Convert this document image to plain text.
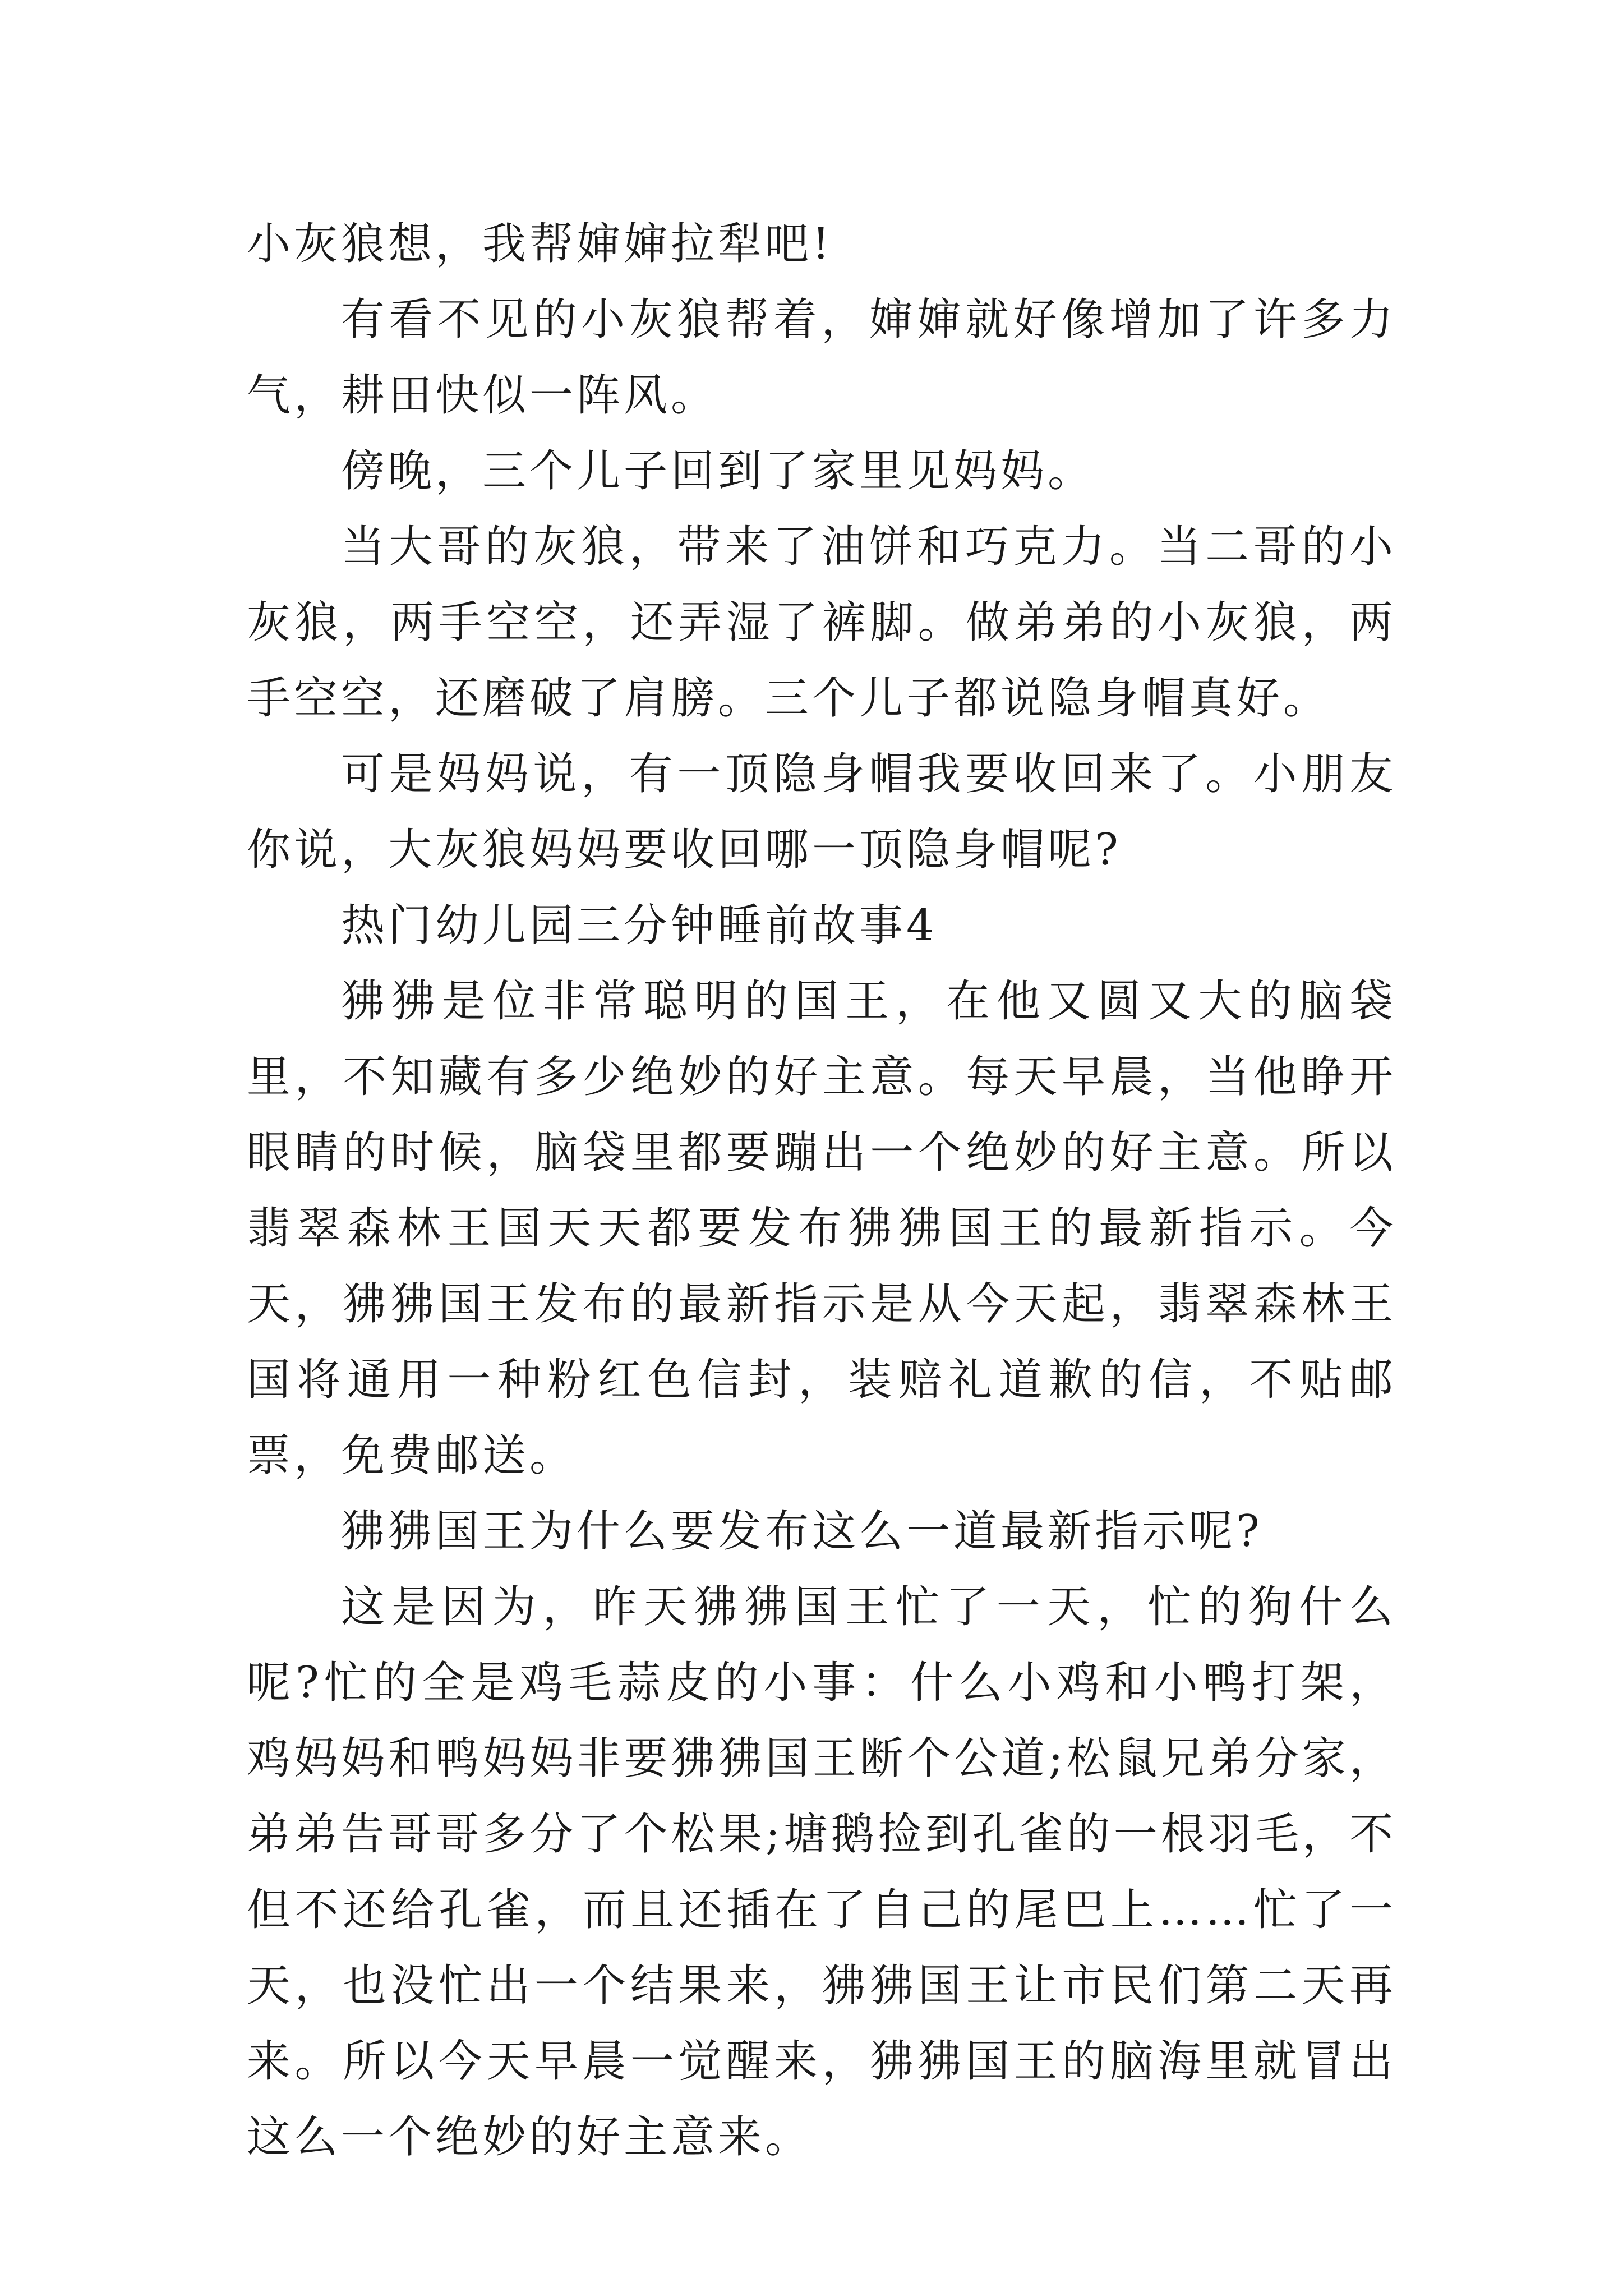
小灰狼想，我帮婶婶拉犁吧!

有看不见的小灰狼帮着，婶婶就好像增加了许多力气，耕田快似一阵风。

傍晚，三个儿子回到了家里见妈妈。

当大哥的灰狼，带来了油饼和巧克力。当二哥的小灰狼，两手空空，还弄湿了裤脚。做弟弟的小灰狼，两手空空，还磨破了肩膀。三个儿子都说隐身帽真好。

可是妈妈说，有一顶隐身帽我要收回来了。小朋友你说，大灰狼妈妈要收回哪一顶隐身帽呢?

热门幼儿园三分钟睡前故事4

狒狒是位非常聪明的国王，在他又圆又大的脑袋里，不知藏有多少绝妙的好主意。每天早晨，当他睁开眼睛的时候，脑袋里都要蹦出一个绝妙的好主意。所以翡翠森林王国天天都要发布狒狒国王的最新指示。今天，狒狒国王发布的最新指示是从今天起，翡翠森林王国将通用一种粉红色信封，装赔礼道歉的信，不贴邮票，免费邮送。

狒狒国王为什么要发布这么一道最新指示呢?

这是因为，昨天狒狒国王忙了一天，忙的狗什么呢?忙的全是鸡毛蒜皮的小事：什么小鸡和小鸭打架，鸡妈妈和鸭妈妈非要狒狒国王断个公道;松鼠兄弟分家，弟弟告哥哥多分了个松果;塘鹅捡到孔雀的一根羽毛，不但不还给孔雀，而且还插在了自己的尾巴上……忙了一天，也没忙出一个结果来，狒狒国王让市民们第二天再来。所以今天早晨一觉醒来，狒狒国王的脑海里就冒出这么一个绝妙的好主意来。
